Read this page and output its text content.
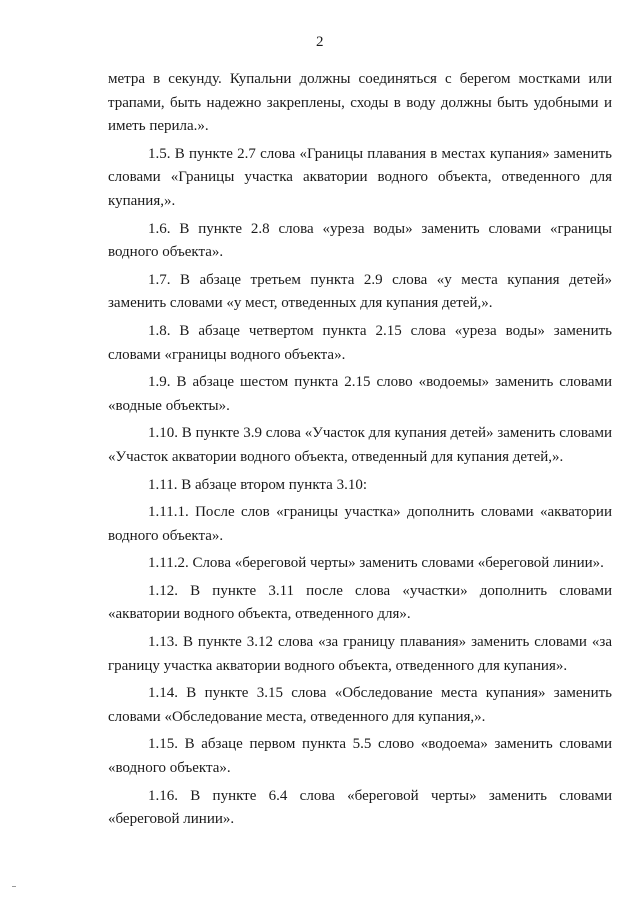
2

метра в секунду. Купальни должны соединяться с берегом мостками или трапами, быть надежно закреплены, сходы в воду должны быть удобными и иметь перила.».

1.5. В пункте 2.7 слова «Границы плавания в местах купания» заменить словами «Границы участка акватории водного объекта, отведенного для купания,».

1.6. В пункте 2.8 слова «уреза воды» заменить словами «границы водного объекта».

1.7. В абзаце третьем пункта 2.9 слова «у места купания детей» заменить словами «у мест, отведенных для купания детей,».

1.8. В абзаце четвертом пункта 2.15 слова «уреза воды» заменить словами «границы водного объекта».

1.9. В абзаце шестом пункта 2.15 слово «водоемы» заменить словами «водные объекты».

1.10. В пункте 3.9 слова «Участок для купания детей» заменить словами «Участок акватории водного объекта, отведенный для купания детей,».

1.11. В абзаце втором пункта 3.10:

1.11.1. После слов «границы участка» дополнить словами «акватории водного объекта».

1.11.2. Слова «береговой черты» заменить словами «береговой линии».

1.12. В пункте 3.11 после слова «участки» дополнить словами «акватории водного объекта, отведенного для».

1.13. В пункте 3.12 слова «за границу плавания» заменить словами «за границу участка акватории водного объекта, отведенного для купания».

1.14. В пункте 3.15 слова «Обследование места купания» заменить словами «Обследование места, отведенного для купания,».

1.15. В абзаце первом пункта 5.5 слово «водоема» заменить словами «водного объекта».

1.16. В пункте 6.4 слова «береговой черты» заменить словами «береговой линии».
